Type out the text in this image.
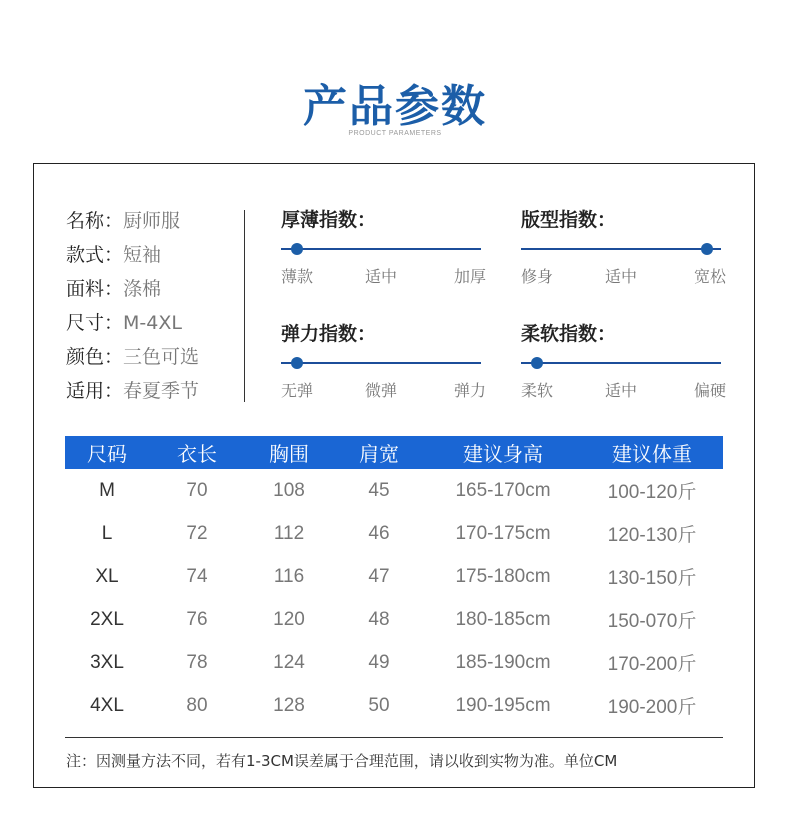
产品参数
PRODUCT PARAMETERS
名称：厨师服
款式：短袖
面料：涤棉
尺寸：M-4XL
颜色：三色可选
适用：春夏季节
厚薄指数：
薄款	适中	加厚
版型指数：
修身	适中	宽松
弹力指数：
无弹	微弹	弹力
柔软指数：
柔软	适中	偏硬
尺码	衣长	胸围	肩宽	建议身高	建议体重
M	70	108	45	165-170cm	100-120斤
L	72	112	46	170-175cm	120-130斤
XL	74	116	47	175-180cm	130-150斤
2XL	76	120	48	180-185cm	150-070斤
3XL	78	124	49	185-190cm	170-200斤
4XL	80	128	50	190-195cm	190-200斤
注：因测量方法不同，若有1-3CM误差属于合理范围，请以收到实物为准。单位CM
